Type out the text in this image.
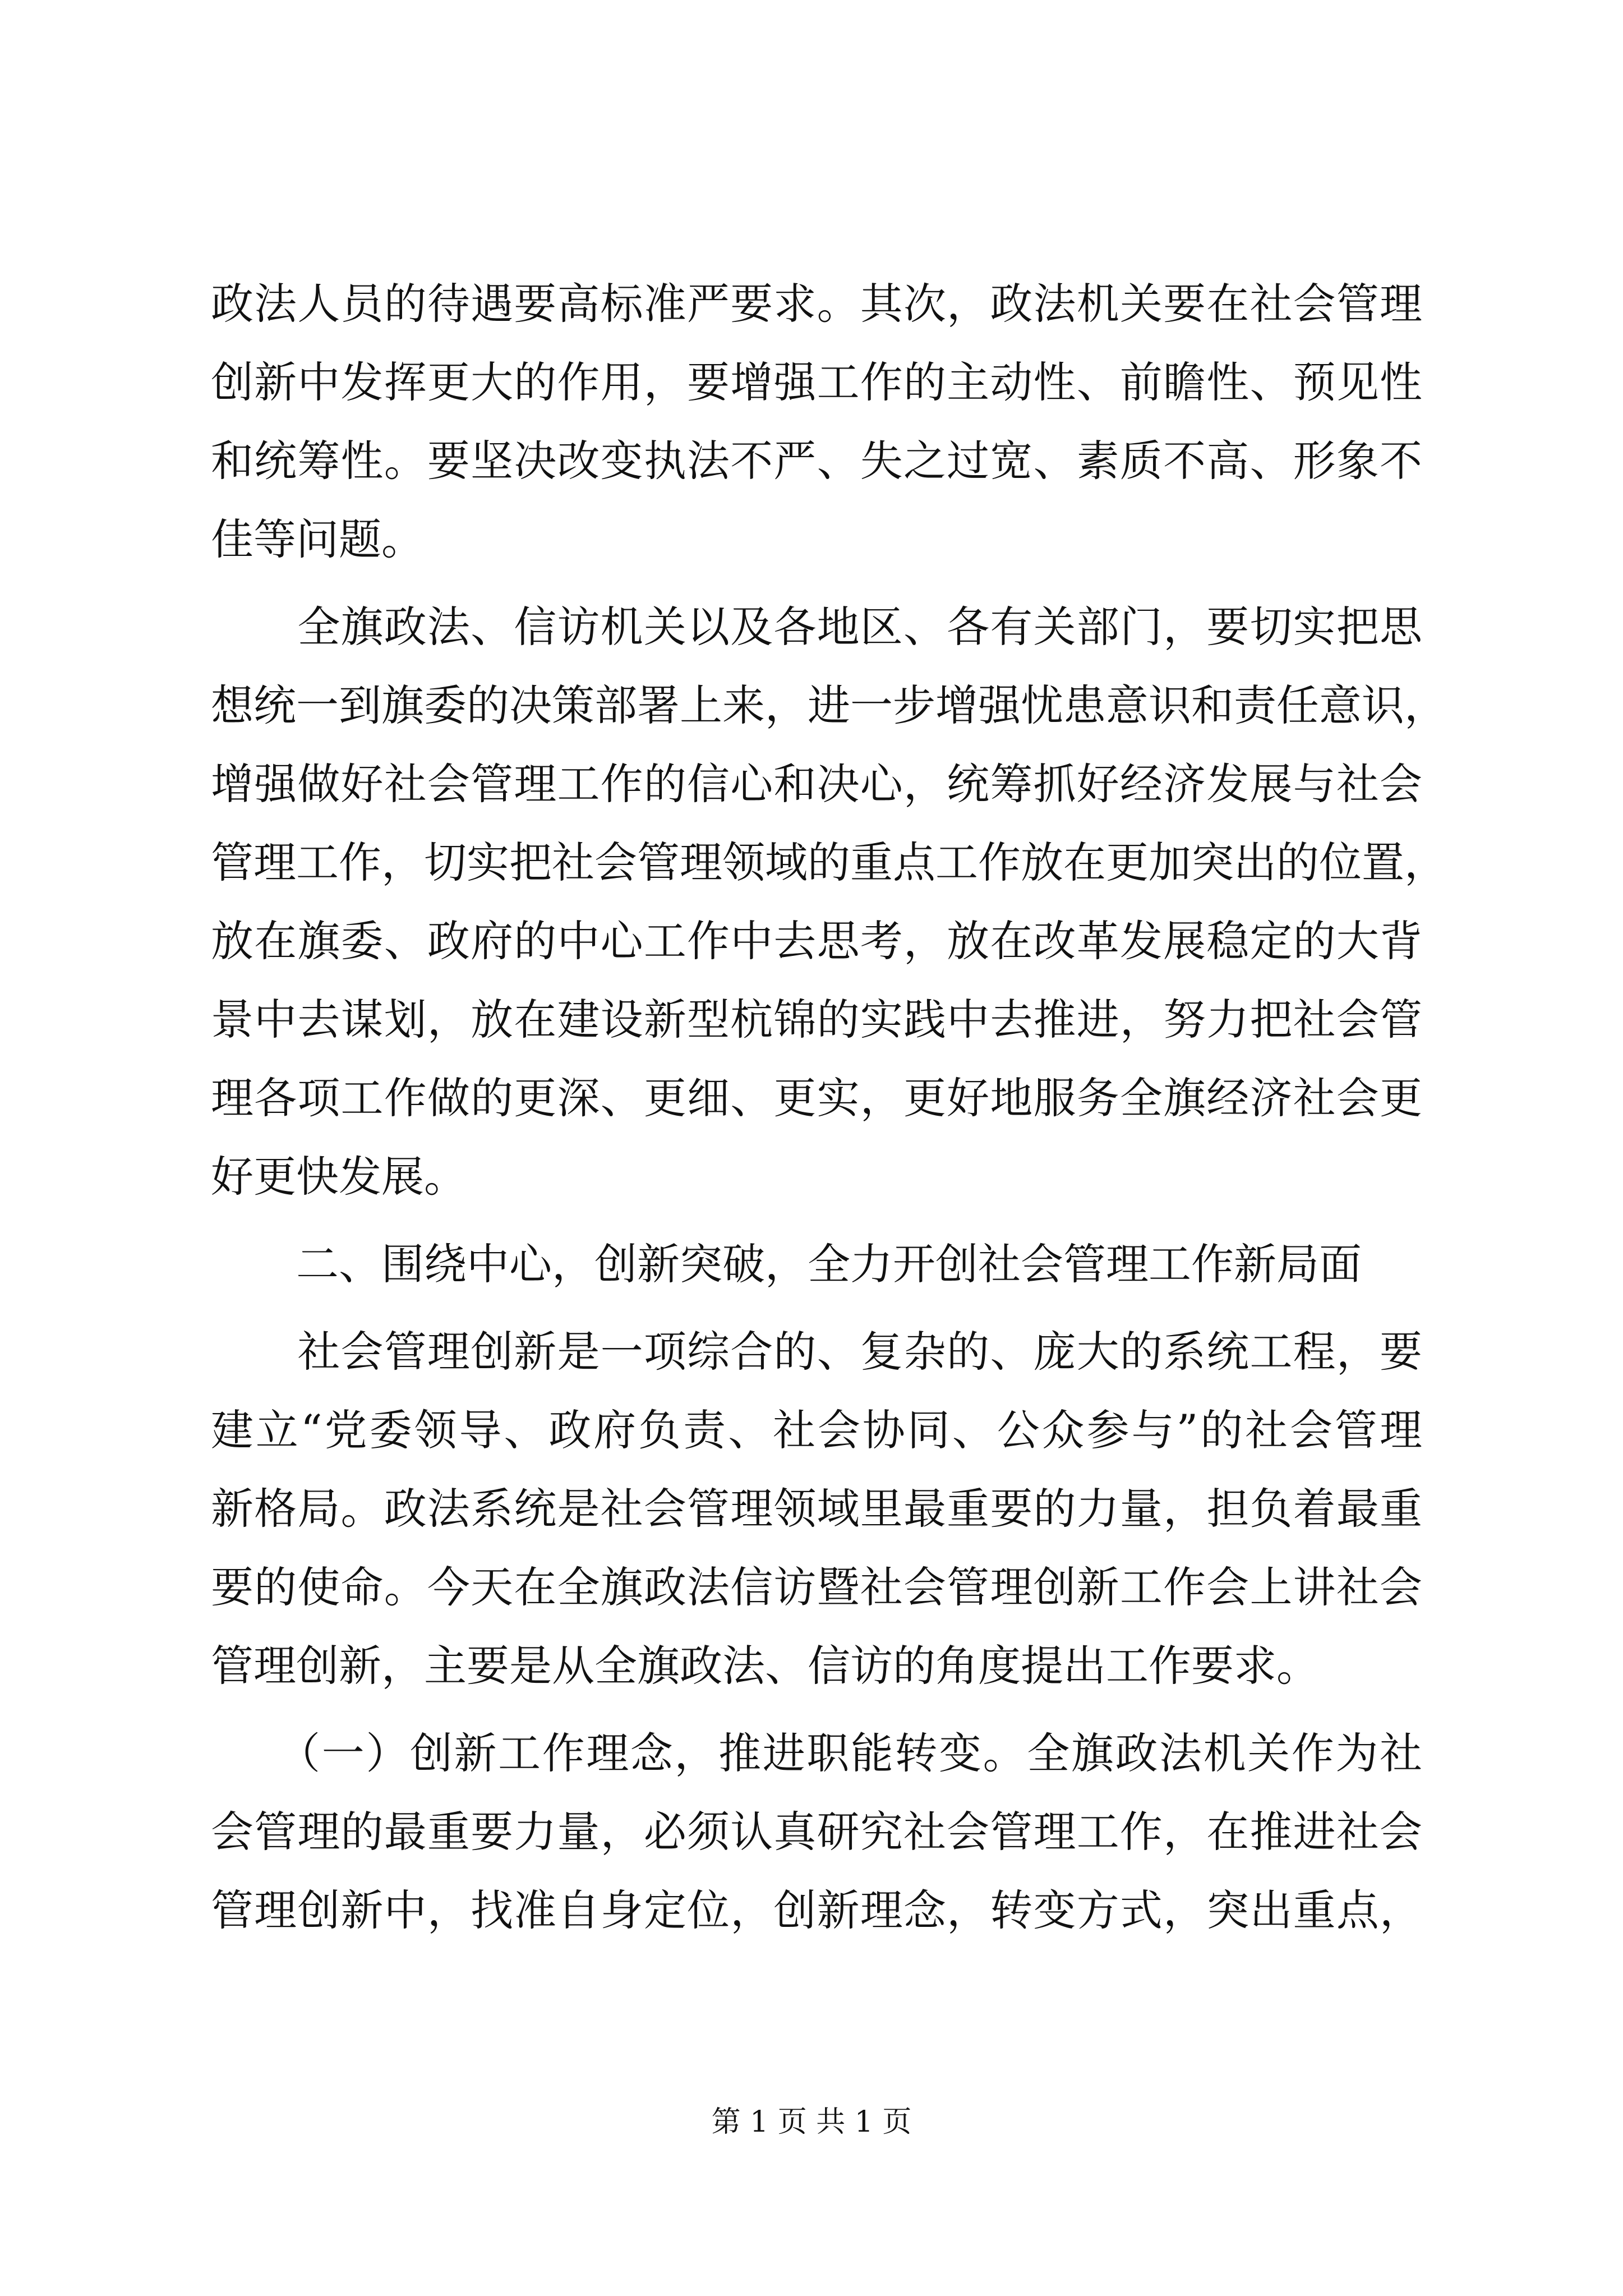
政法人员的待遇要高标准严要求。其次，政法机关要在社会管理
创新中发挥更大的作用，要增强工作的主动性、前瞻性、预见性
和统筹性。要坚决改变执法不严、失之过宽、素质不高、形象不
佳等问题。
　　全旗政法、信访机关以及各地区、各有关部门，要切实把思
想统一到旗委的决策部署上来，进一步增强忧患意识和责任意识，
增强做好社会管理工作的信心和决心，统筹抓好经济发展与社会
管理工作，切实把社会管理领域的重点工作放在更加突出的位置，
放在旗委、政府的中心工作中去思考，放在改革发展稳定的大背
景中去谋划，放在建设新型杭锦的实践中去推进，努力把社会管
理各项工作做的更深、更细、更实，更好地服务全旗经济社会更
好更快发展。
　　二、围绕中心，创新突破，全力开创社会管理工作新局面
　　社会管理创新是一项综合的、复杂的、庞大的系统工程，要
建立“党委领导、政府负责、社会协同、公众参与”的社会管理
新格局。政法系统是社会管理领域里最重要的力量，担负着最重
要的使命。今天在全旗政法信访暨社会管理创新工作会上讲社会
管理创新，主要是从全旗政法、信访的角度提出工作要求。
　　（一）创新工作理念，推进职能转变。全旗政法机关作为社
会管理的最重要力量，必须认真研究社会管理工作，在推进社会
管理创新中，找准自身定位，创新理念，转变方式，突出重点，
第 1 页 共 1 页
